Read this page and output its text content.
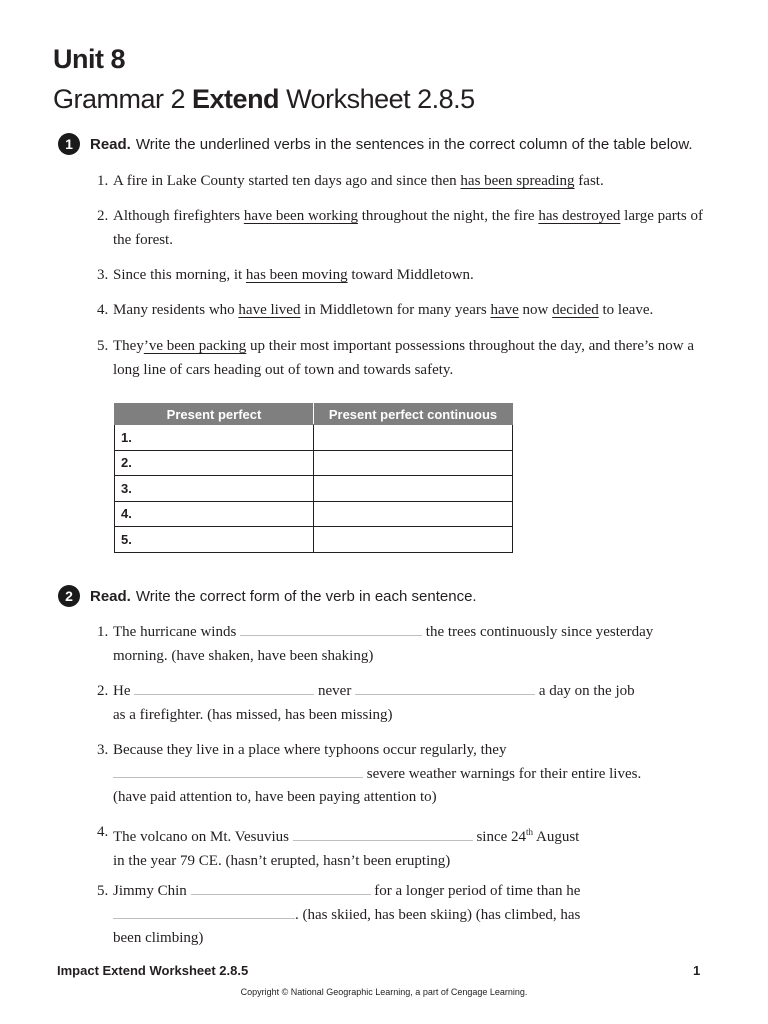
Unit 8
Grammar 2 Extend Worksheet 2.8.5
1	Read. Write the underlined verbs in the sentences in the correct column of the table below.
1. A fire in Lake County started ten days ago and since then has been spreading fast.
2. Although firefighters have been working throughout the night, the fire has destroyed large parts of the forest.
3. Since this morning, it has been moving toward Middletown.
4. Many residents who have lived in Middletown for many years have now decided to leave.
5. They’ve been packing up their most important possessions throughout the day, and there’s now a long line of cars heading out of town and towards safety.
Present perfect	Present perfect continuous
1.	
2.	
3.	
4.	
5.	
2	Read. Write the correct form of the verb in each sentence.
1. The hurricane winds	the trees continuously since yesterday
morning. (have shaken, have been shaking)
2. He	never	a day on the job
as a firefighter. (has missed, has been missing)
3. Because they live in a place where typhoons occur regularly, they
severe weather warnings for their entire lives.
(have paid attention to, have been paying attention to)
4. The volcano on Mt. Vesuvius	since 24th August
in the year 79 CE. (hasn’t erupted, hasn’t been erupting)
5. Jimmy Chin	for a longer period of time than he
. (has skiied, has been skiing) (has climbed, has
been climbing)
Impact Extend Worksheet 2.8.5	1
Copyright © National Geographic Learning, a part of Cengage Learning.
